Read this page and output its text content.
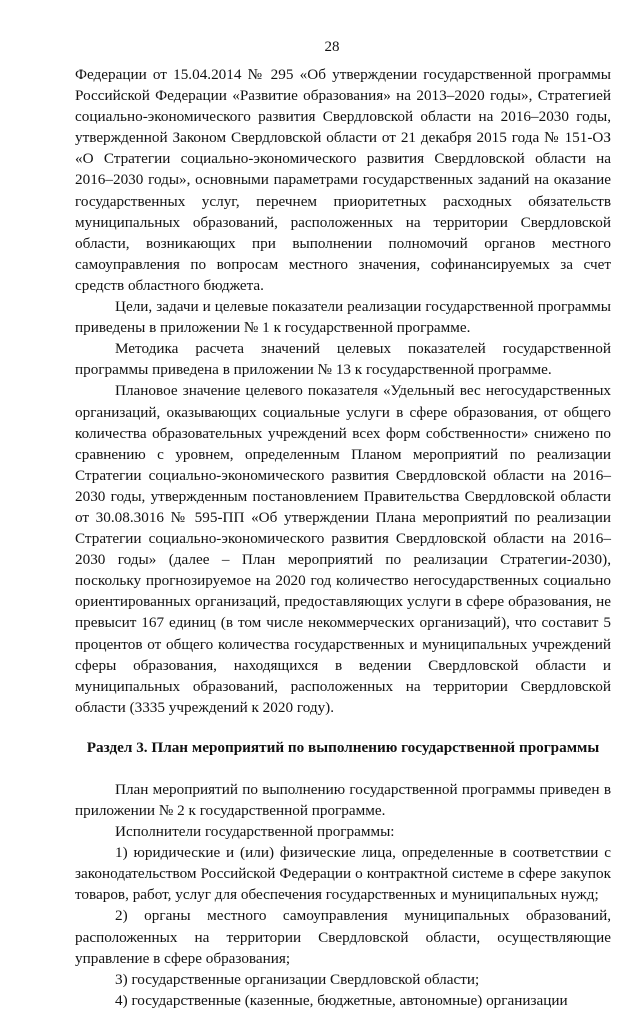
28

Федерации от 15.04.2014 № 295 «Об утверждении государственной программы Российской Федерации «Развитие образования» на 2013–2020 годы», Стратегией социально-экономического развития Свердловской области на 2016–2030 годы, утвержденной Законом Свердловской области от 21 декабря 2015 года № 151-ОЗ «О Стратегии социально-экономического развития Свердловской области на 2016–2030 годы», основными параметрами государственных заданий на оказание государственных услуг, перечнем приоритетных расходных обязательств муниципальных образований, расположенных на территории Свердловской области, возникающих при выполнении полномочий органов местного самоуправления по вопросам местного значения, софинансируемых за счет средств областного бюджета.

Цели, задачи и целевые показатели реализации государственной программы приведены в приложении № 1 к государственной программе.

Методика расчета значений целевых показателей государственной программы приведена в приложении № 13 к государственной программе.

Плановое значение целевого показателя «Удельный вес негосударственных организаций, оказывающих социальные услуги в сфере образования, от общего количества образовательных учреждений всех форм собственности» снижено по сравнению с уровнем, определенным Планом мероприятий по реализации Стратегии социально-экономического развития Свердловской области на 2016–2030 годы, утвержденным постановлением Правительства Свердловской области от 30.08.3016 № 595-ПП «Об утверждении Плана мероприятий по реализации Стратегии социально-экономического развития Свердловской области на 2016–2030 годы» (далее – План мероприятий по реализации Стратегии-2030), поскольку прогнозируемое на 2020 год количество негосударственных социально ориентированных организаций, предоставляющих услуги в сфере образования, не превысит 167 единиц (в том числе некоммерческих организаций), что составит 5 процентов от общего количества государственных и муниципальных учреждений сферы образования, находящихся в ведении Свердловской области и муниципальных образований, расположенных на территории Свердловской области (3335 учреждений к 2020 году).

Раздел 3. План мероприятий по выполнению государственной программы

План мероприятий по выполнению государственной программы приведен в приложении № 2 к государственной программе.

Исполнители государственной программы:

1) юридические и (или) физические лица, определенные в соответствии с законодательством Российской Федерации о контрактной системе в сфере закупок товаров, работ, услуг для обеспечения государственных и муниципальных нужд;

2) органы местного самоуправления муниципальных образований, расположенных на территории Свердловской области, осуществляющие управление в сфере образования;

3) государственные организации Свердловской области;

4) государственные (казенные, бюджетные, автономные) организации
